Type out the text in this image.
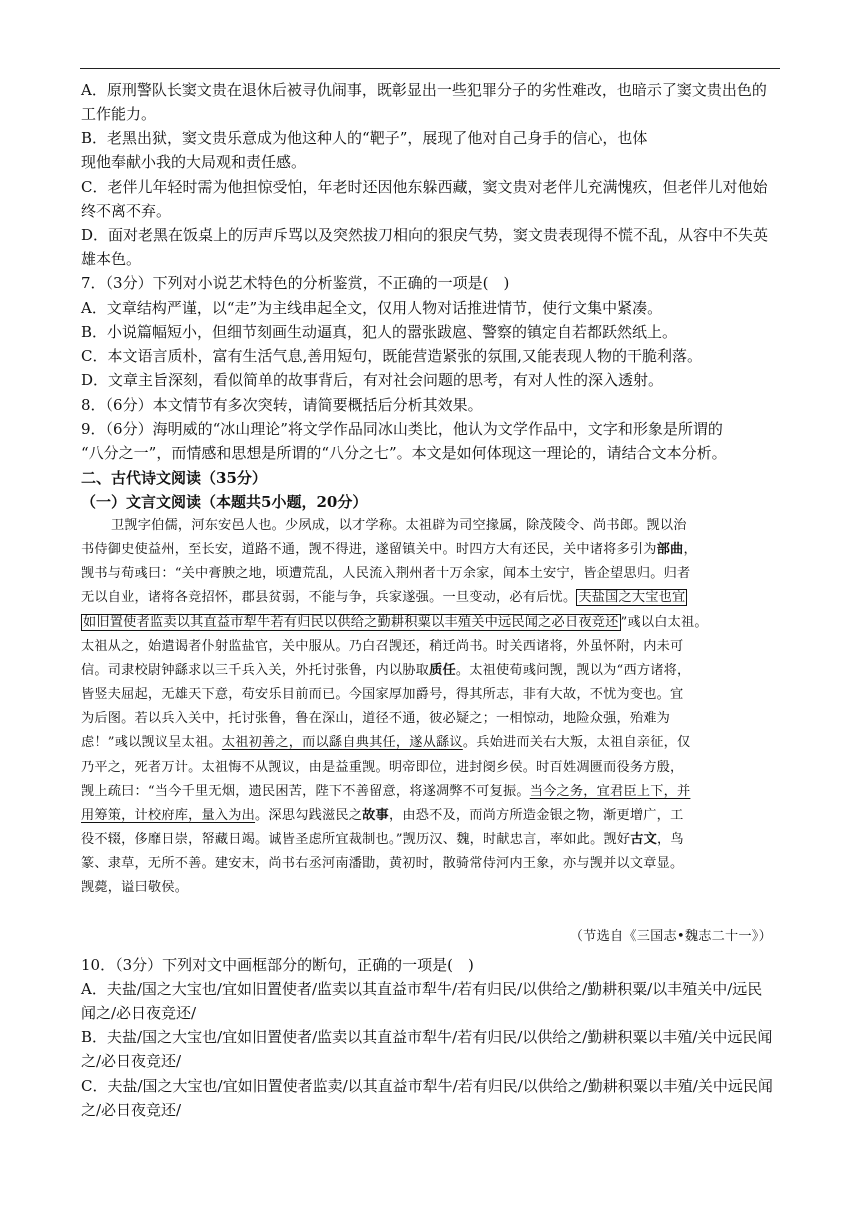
A．原刑警队长窦文贵在退休后被寻仇闹事，既彰显出一些犯罪分子的劣性难改，也暗示了窦文贵出色的
工作能力。
B．老黑出狱，窦文贵乐意成为他这种人的“靶子”，展现了他对自己身手的信心，也体
现他奉献小我的大局观和责任感。
C．老伴儿年轻时需为他担惊受怕，年老时还因他东躲西藏，窦文贵对老伴儿充满愧疚，但老伴儿对他始
终不离不弃。
D．面对老黑在饭桌上的厉声斥骂以及突然拔刀相向的狠戾气势，窦文贵表现得不慌不乱，从容中不失英
雄本色。
7．（3分）下列对小说艺术特色的分析鉴赏，不正确的一项是(　)
A．文章结构严谨，以“走”为主线串起全文，仅用人物对话推进情节，使行文集中紧凑。
B．小说篇幅短小，但细节刻画生动逼真，犯人的嚣张跋扈、警察的镇定自若都跃然纸上。
C．本文语言质朴，富有生活气息,善用短句，既能营造紧张的氛围,又能表现人物的干脆利落。
D．文章主旨深刻，看似简单的故事背后，有对社会问题的思考，有对人性的深入透射。
8．（6分）本文情节有多次突转，请简要概括后分析其效果。
9．（6分）海明威的“冰山理论”将文学作品同冰山类比，他认为文学作品中，文字和形象是所谓的
“八分之一”，而情感和思想是所谓的“八分之七”。本文是如何体现这一理论的，请结合文本分析。
二、古代诗文阅读（35分）
（一）文言文阅读（本题共5小题，20分）
卫觊字伯儒，河东安邑人也。少夙成，以才学称。太祖辟为司空掾属，除茂陵令、尚书郎。觊以治
书侍御史使益州，至长安，道路不通，觊不得进，遂留镇关中。时四方大有还民，关中诸将多引为部曲，
觊书与荀彧曰：“关中膏腴之地，顷遭荒乱，人民流入荆州者十万余家，闻本土安宁，皆企望思归。归者
无以自业，诸将各竞招怀，郡县贫弱，不能与争，兵家遂强。一旦变动，必有后忧。 夫盐国之大宝也宜
如旧置使者监卖以其直益市犁牛若有归民以供给之勤耕积粟以丰殖关中远民闻之必日夜竞还 ”彧以白太祖。
太祖从之，始遣谒者仆射监盐官，关中服从。乃白召觊还，稍迁尚书。时关西诸将，外虽怀附，内未可
信。司隶校尉钟繇求以三千兵入关，外托讨张鲁，内以胁取质任。太祖使荀彧问觊，觊以为“西方诸将，
皆竖夫屈起，无雄天下意，苟安乐目前而已。今国家厚加爵号，得其所志，非有大故，不忧为变也。宜
为后图。若以兵入关中，托讨张鲁，鲁在深山，道径不通，彼必疑之；一相惊动，地险众强，殆难为
虑！”彧以觊议呈太祖。太祖初善之，而以繇自典其任，遂从繇议。兵始进而关右大叛，太祖自亲征，仅
乃平之，死者万计。太祖悔不从觊议，由是益重觊。明帝即位，进封阌乡侯。时百姓凋匮而役务方殷，
觊上疏曰：“当今千里无烟，遗民困苦，陛下不善留意，将遂凋弊不可复振。当今之务，宜君臣上下，并
用筹策，计校府库，量入为出。深思勾践滋民之故事，由恐不及，而尚方所造金银之物，渐更增广，工
役不辍，侈靡日崇，帑藏日竭。诚皆圣虑所宜裁制也。”觊历汉、魏，时献忠言，率如此。觊好古文，鸟
篆、隶草，无所不善。建安末，尚书右丞河南潘勖，黄初时，散骑常侍河内王象，亦与觊并以文章显。
觊薨，谥曰敬侯。
（节选自《三国志•魏志二十一》）
10．（3分）下列对文中画框部分的断句，正确的一项是(　)
A．夫盐/国之大宝也/宜如旧置使者/监卖以其直益市犁牛/若有归民/以供给之/勤耕积粟/以丰殖关中/远民
闻之/必日夜竞还/
B．夫盐/国之大宝也/宜如旧置使者/监卖以其直益市犁牛/若有归民/以供给之/勤耕积粟以丰殖/关中远民闻
之/必日夜竞还/
C．夫盐/国之大宝也/宜如旧置使者监卖/以其直益市犁牛/若有归民/以供给之/勤耕积粟以丰殖/关中远民闻
之/必日夜竞还/
